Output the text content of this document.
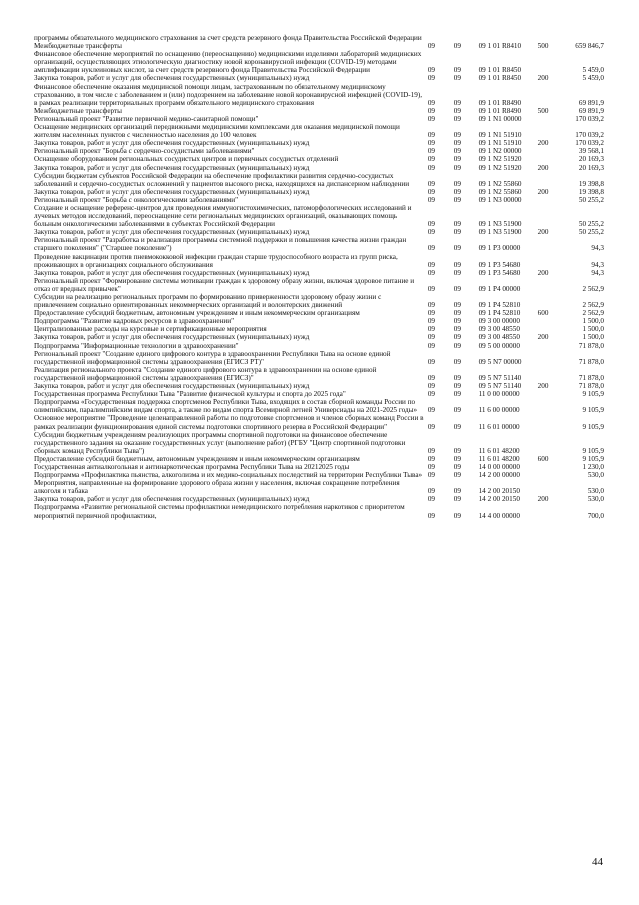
программы обязательного медицинского страхования за счет средств резервного фонда Правительства Российской Федерации					
Межбюджетные трансферты	09	09	09 1 01 R8410	500	659 846,7
Финансовое обеспечение мероприятий по оснащению (переоснащению) медицинскими изделиями лабораторий медицинских организаций, осуществляющих этиологическую диагностику новой коронавирусной инфекции (COVID-19) методами амплификации нуклеиновых кислот, за счет средств резервного фонда Правительства Российской Федерации	09	09	09 1 01 R8450		5 459,0
Закупка товаров, работ и услуг для обеспечения государственных (муниципальных) нужд	09	09	09 1 01 R8450	200	5 459,0
Финансовое обеспечение оказания медицинской помощи лицам, застрахованным по обязательному медицинскому страхованию, в том числе с заболеванием и (или) подозрением на заболевание новой коронавирусной инфекцией (COVID-19), в рамках реализации территориальных программ обязательного медицинского страхования	09	09	09 1 01 R8490		69 891,9
Межбюджетные трансферты	09	09	09 1 01 R8490	500	69 891,9
Региональный проект "Развитие первичной медико-санитарной помощи"	09	09	09 1 N1 00000		170 039,2
Оснащение медицинских организаций передвижными медицинскими комплексами для оказания медицинской помощи жителям населенных пунктов с численностью населения до 100 человек	09	09	09 1 N1 51910		170 039,2
Закупка товаров, работ и услуг для обеспечения государственных (муниципальных) нужд	09	09	09 1 N1 51910	200	170 039,2
Региональный проект "Борьба с сердечно-сосудистыми заболеваниями"	09	09	09 1 N2 00000		39 568,1
Оснащение оборудованием региональных сосудистых центров и первичных сосудистых отделений	09	09	09 1 N2 51920		20 169,3
Закупка товаров, работ и услуг для обеспечения государственных (муниципальных) нужд	09	09	09 1 N2 51920	200	20 169,3
Субсидии бюджетам субъектов Российской Федерации на обеспечение профилактики развития сердечно-сосудистых заболеваний и сердечно-сосудистых осложнений у пациентов высокого риска, находящихся на диспансерном наблюдении	09	09	09 1 N2 55860		19 398,8
Закупка товаров, работ и услуг для обеспечения государственных (муниципальных) нужд	09	09	09 1 N2 55860	200	19 398,8
Региональный проект "Борьба с онкологическими заболеваниями"	09	09	09 1 N3 00000		50 255,2
Создание и оснащение референс-центров для проведения иммуногистохимических, патоморфологических исследований и лучевых методов исследований, переоснащение сети региональных медицинских организаций, оказывающих помощь больным онкологическими заболеваниями в субъектах Российской Федерации	09	09	09 1 N3 51900		50 255,2
Закупка товаров, работ и услуг для обеспечения государственных (муниципальных) нужд	09	09	09 1 N3 51900	200	50 255,2
Региональный проект "Разработка и реализация программы системной поддержки и повышения качества жизни граждан старшего поколения" ("Старшее поколение")	09	09	09 1 P3 00000		94,3
Проведение вакцинации против пневмококковой инфекции граждан старше трудоспособного возраста из групп риска, проживающих в организациях социального обслуживания	09	09	09 1 P3 54680		94,3
Закупка товаров, работ и услуг для обеспечения государственных (муниципальных) нужд	09	09	09 1 P3 54680	200	94,3
Региональный проект "Формирование системы мотивации граждан к здоровому образу жизни, включая здоровое питание и отказ от вредных привычек"	09	09	09 1 P4 00000		2 562,9
Субсидии на реализацию региональных программ по формированию приверженности здоровому образу жизни с привлечением социально ориентированных некоммерческих организаций и волонтерских движений	09	09	09 1 P4 52810		2 562,9
Предоставление субсидий бюджетным, автономным учреждениям и иным некоммерческим организациям	09	09	09 1 P4 52810	600	2 562,9
Подпрограмма "Развитие кадровых ресурсов в здравоохранении"	09	09	09 3 00 00000		1 500,0
Централизованные расходы на курсовые и сертификационные мероприятия	09	09	09 3 00 48550		1 500,0
Закупка товаров, работ и услуг для обеспечения государственных (муниципальных) нужд	09	09	09 3 00 48550	200	1 500,0
Подпрограмма "Информационные технологии в здравоохранении"	09	09	09 5 00 00000		71 878,0
Региональный проект "Создание единого цифрового контура в здравоохранении Республики Тыва на основе единой государственной информационной системы здравоохранения (ЕГИСЗ РТ)"	09	09	09 5 N7 00000		71 878,0
Реализация регионального проекта "Создание единого цифрового контура в здравоохранении на основе единой государственной информационной системы здравоохранения (ЕГИСЗ)"	09	09	09 5 N7 51140		71 878,0
Закупка товаров, работ и услуг для обеспечения государственных (муниципальных) нужд	09	09	09 5 N7 51140	200	71 878,0
Государственная программа Республики Тыва "Развитие физической культуры и спорта до 2025 года"	09	09	11 0 00 00000		9 105,9
Подпрограмма «Государственная поддержка спортсменов Республики Тыва, входящих в состав сборной команды России по олимпийским, паралимпийским видам спорта, а также по видам спорта Всемирной летней Универсиады на 2021-2025 годы»	09	09	11 6 00 00000		9 105,9
Основное мероприятие "Проведение целенаправленной работы по подготовке спортсменов и членов сборных команд России в рамках реализации функционирования единой системы подготовки спортивного резерва в Российской Федерации"	09	09	11 6 01 00000		9 105,9
Субсидии бюджетным учреждениям реализующих программы спортивной подготовки на финансовое обеспечение государственного задания на оказание государственных услуг (выполнение работ) (РГБУ "Центр спортивной подготовки сборных команд Республики Тыва")	09	09	11 6 01 48200		9 105,9
Предоставление субсидий бюджетным, автономным учреждениям и иным некоммерческим организациям	09	09	11 6 01 48200	600	9 105,9
Государственная антиалкогольная и антинаркотическая программа Республики Тыва на 20212025 годы	09	09	14 0 00 00000		1 230,0
Подпрограмма «Профилактика пьянства, алкоголизма и их медико-социальных последствий на территории Республики Тыва»	09	09	14 2 00 00000		530,0
Мероприятия, направленные на формирование здорового образа жизни у населения, включая сокращение потребления алкоголя и табака	09	09	14 2 00 20150		530,0
Закупка товаров, работ и услуг для обеспечения государственных (муниципальных) нужд	09	09	14 2 00 20150	200	530,0
Подпрограмма «Развитие региональной системы профилактики немедицинского потребления наркотиков с приоритетом мероприятий первичной профилактики,	09	09	14 4 00 00000		700,0
44
